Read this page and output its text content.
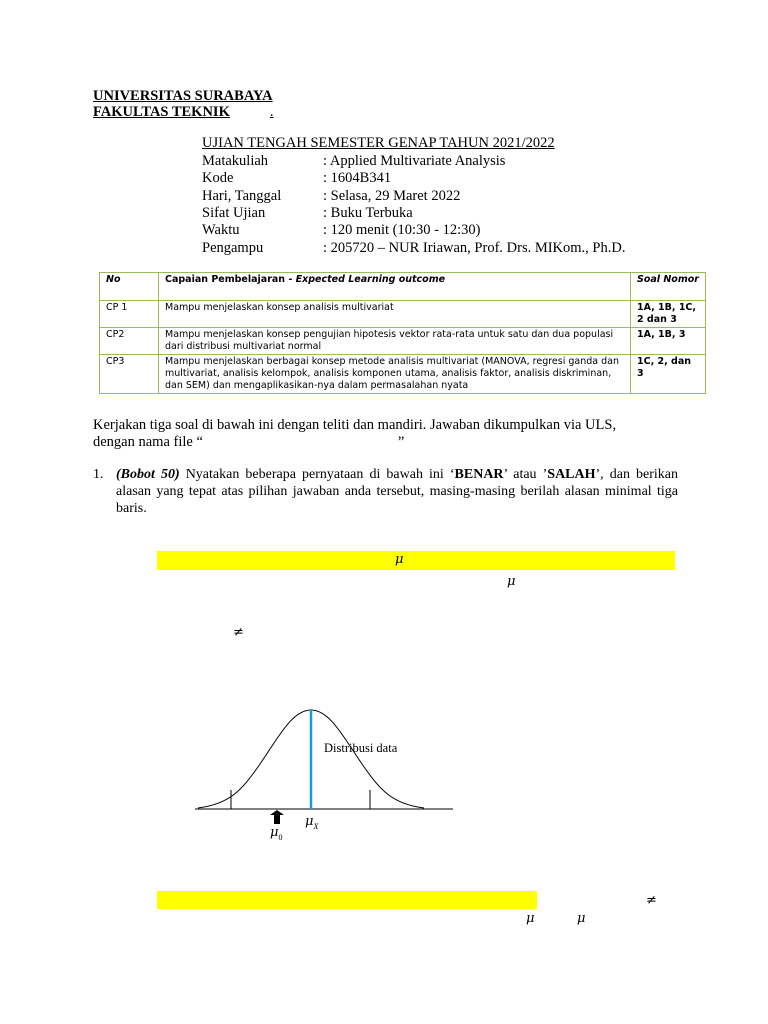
UNIVERSITAS SURABAYA
FAKULTAS TEKNIK	.
UJIAN TENGAH SEMESTER GENAP TAHUN 2021/2022
Matakuliah	: Applied Multivariate Analysis
Kode	: 1604B341
Hari, Tanggal	: Selasa, 29 Maret 2022
Sifat Ujian	: Buku Terbuka
Waktu	: 120 menit (10:30 - 12:30)
Pengampu	: 205720 – NUR Iriawan, Prof. Drs. MIKom., Ph.D.
No	Capaian Pembelajaran - Expected Learning outcome	Soal Nomor
CP 1	Mampu menjelaskan konsep analisis multivariat	1A, 1B, 1C, 2 dan 3
CP2	Mampu menjelaskan konsep pengujian hipotesis vektor rata-rata untuk satu dan dua populasi dari distribusi multivariat normal	1A, 1B, 3
CP3	Mampu menjelaskan berbagai konsep metode analisis multivariat (MANOVA, regresi ganda dan multivariat, analisis kelompok, analisis komponen utama, analisis faktor, analisis diskriminan, dan SEM) dan mengaplikasikan-nya dalam permasalahan nyata	1C, 2, dan 3
Kerjakan tiga soal di bawah ini dengan teliti dan mandiri. Jawaban dikumpulkan via ULS,
dengan nama file “	”
1. (Bobot 50) Nyatakan beberapa pernyataan di bawah ini ‘BENAR’ atau ’SALAH’, dan berikan alasan yang tepat atas pilihan jawaban anda tersebut, masing-masing berilah alasan minimal tiga baris.
μ
μ
≠
Distribusi data
$\mu_X$
$\mu_0$
≠
μ	μ
